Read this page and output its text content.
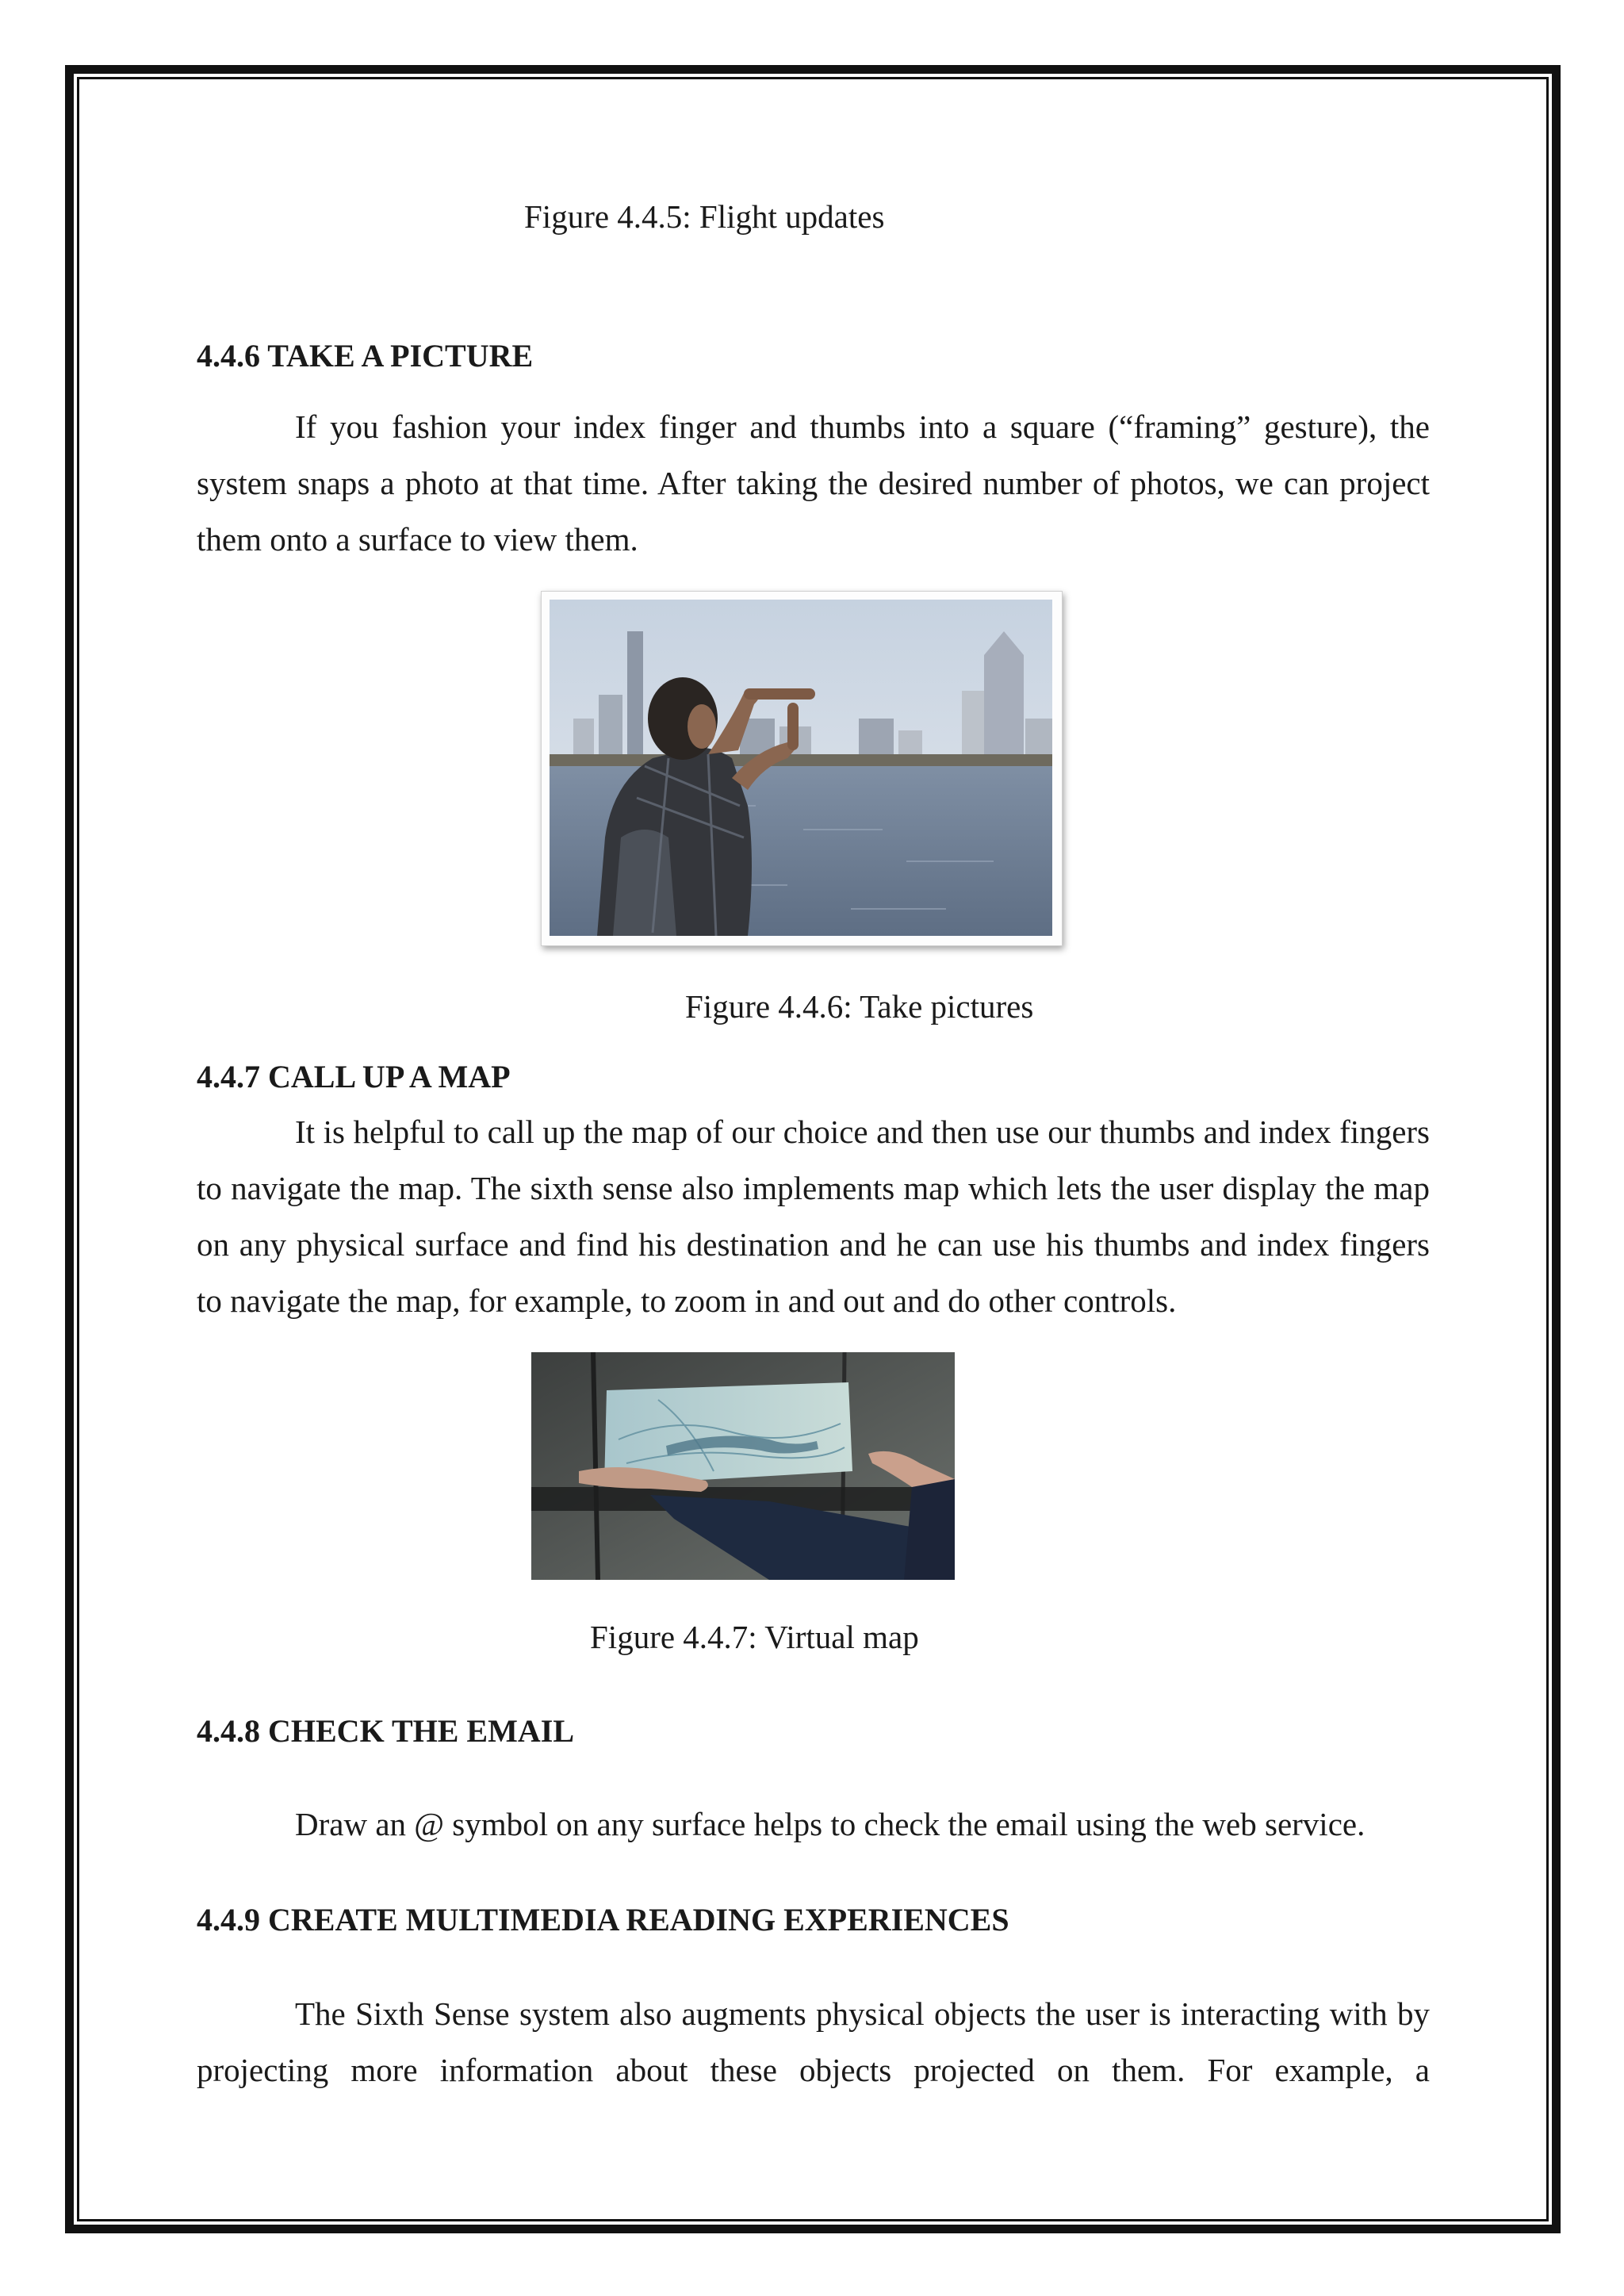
Figure 4.4.5: Flight updates

4.4.6 TAKE A PICTURE

If you fashion your index finger and thumbs into a square (“framing” gesture), the system snaps a photo at that time. After taking the desired number of photos, we can project them onto a surface to view them.

Figure 4.4.6: Take pictures

4.4.7 CALL UP A MAP

It is helpful to call up the map of our choice and then use our thumbs and index fingers to navigate the map. The sixth sense also implements map which lets the user display the map on any physical surface and find his destination and he can use his thumbs and index fingers to navigate the map, for example, to zoom in and out and do other controls.

Figure 4.4.7: Virtual map

4.4.8 CHECK THE EMAIL

Draw an @ symbol on any surface helps to check the email using the web service.

4.4.9 CREATE MULTIMEDIA READING EXPERIENCES

The Sixth Sense system also augments physical objects the user is interacting with by projecting more information about these objects projected on them. For example, a
